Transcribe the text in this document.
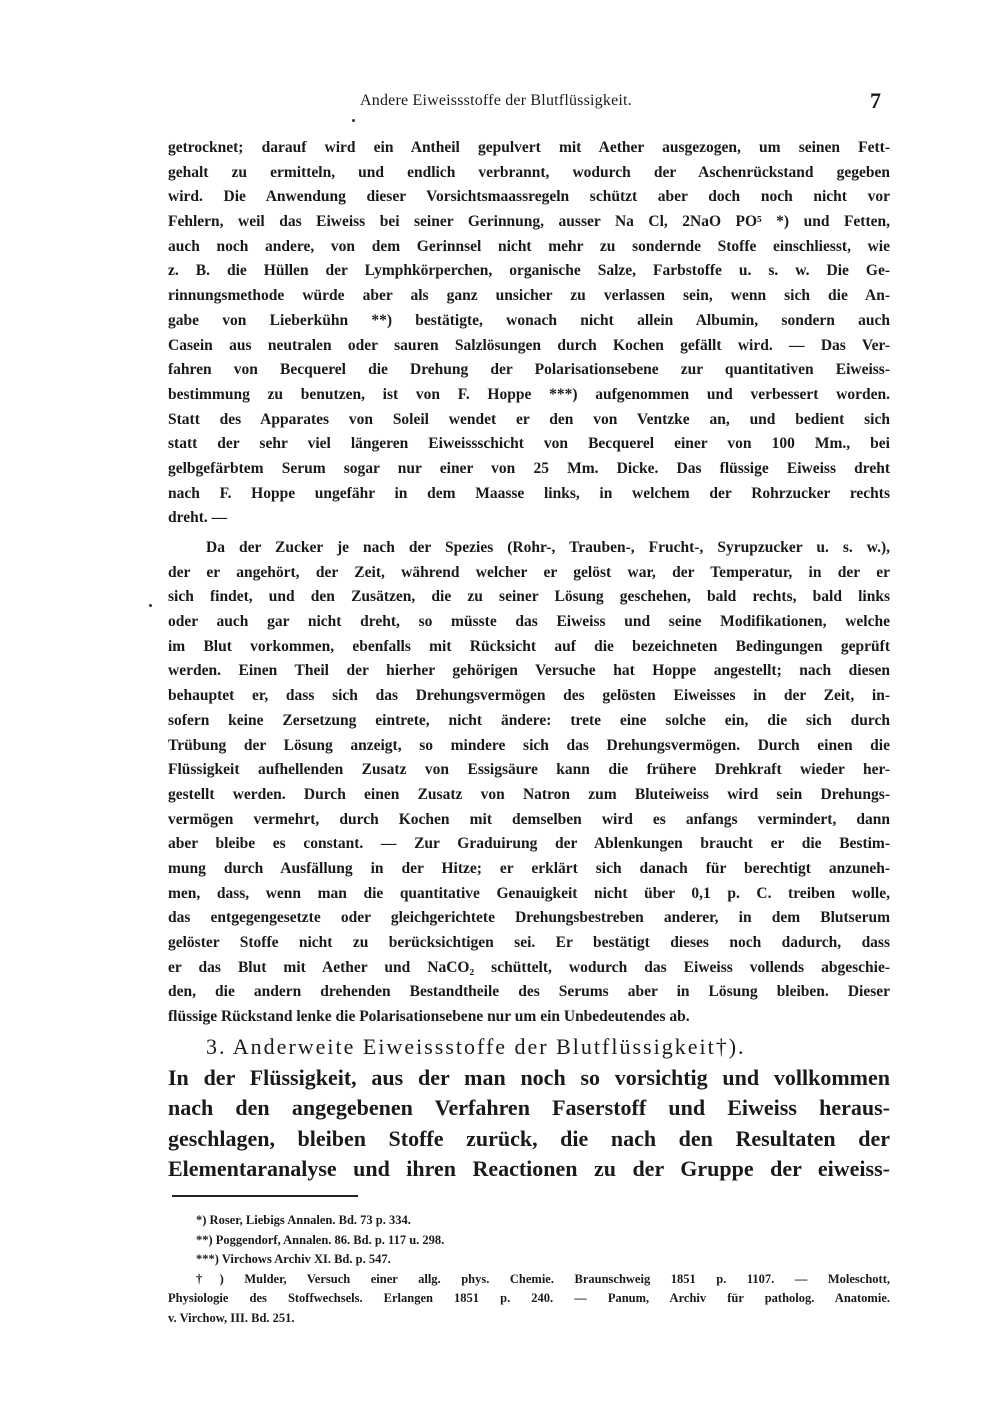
Andere Eiweissstoffe der Blutflüssigkeit.	7
getrocknet; darauf wird ein Antheil gepulvert mit Aether ausgezogen, um seinen Fett-
gehalt zu ermitteln, und endlich verbrannt, wodurch der Aschenrückstand gegeben
wird. Die Anwendung dieser Vorsichtsmaassregeln schützt aber doch noch nicht vor
Fehlern, weil das Eiweiss bei seiner Gerinnung, ausser Na Cl, 2NaO PO⁵ *) und Fetten,
auch noch andere, von dem Gerinnsel nicht mehr zu sondernde Stoffe einschliesst, wie
z. B. die Hüllen der Lymphkörperchen, organische Salze, Farbstoffe u. s. w. Die Ge-
rinnungsmethode würde aber als ganz unsicher zu verlassen sein, wenn sich die An-
gabe von Lieberkühn **) bestätigte, wonach nicht allein Albumin, sondern auch
Casein aus neutralen oder sauren Salzlösungen durch Kochen gefällt wird. — Das Ver-
fahren von Becquerel die Drehung der Polarisationsebene zur quantitativen Eiweiss-
bestimmung zu benutzen, ist von F. Hoppe ***) aufgenommen und verbessert worden.
Statt des Apparates von Soleil wendet er den von Ventzke an, und bedient sich
statt der sehr viel längeren Eiweissschicht von Becquerel einer von 100 Mm., bei
gelbgefärbtem Serum sogar nur einer von 25 Mm. Dicke. Das flüssige Eiweiss dreht
nach F. Hoppe ungefähr in dem Maasse links, in welchem der Rohrzucker rechts
dreht. —
Da der Zucker je nach der Spezies (Rohr-, Trauben-, Frucht-, Syrupzucker u. s. w.),
der er angehört, der Zeit, während welcher er gelöst war, der Temperatur, in der er
sich findet, und den Zusätzen, die zu seiner Lösung geschehen, bald rechts, bald links
oder auch gar nicht dreht, so müsste das Eiweiss und seine Modifikationen, welche
im Blut vorkommen, ebenfalls mit Rücksicht auf die bezeichneten Bedingungen geprüft
werden. Einen Theil der hierher gehörigen Versuche hat Hoppe angestellt; nach diesen
behauptet er, dass sich das Drehungsvermögen des gelösten Eiweisses in der Zeit, in-
sofern keine Zersetzung eintrete, nicht ändere: trete eine solche ein, die sich durch
Trübung der Lösung anzeigt, so mindere sich das Drehungsvermögen. Durch einen die
Flüssigkeit aufhellenden Zusatz von Essigsäure kann die frühere Drehkraft wieder her-
gestellt werden. Durch einen Zusatz von Natron zum Bluteiweiss wird sein Drehungs-
vermögen vermehrt, durch Kochen mit demselben wird es anfangs vermindert, dann
aber bleibe es constant. — Zur Graduirung der Ablenkungen braucht er die Bestim-
mung durch Ausfällung in der Hitze; er erklärt sich danach für berechtigt anzuneh-
men, dass, wenn man die quantitative Genauigkeit nicht über 0,1 p. C. treiben wolle,
das entgegengesetzte oder gleichgerichtete Drehungsbestreben anderer, in dem Blutserum
gelöster Stoffe nicht zu berücksichtigen sei. Er bestätigt dieses noch dadurch, dass
er das Blut mit Aether und NaCO₂ schüttelt, wodurch das Eiweiss vollends abgeschie-
den, die andern drehenden Bestandtheile des Serums aber in Lösung bleiben. Dieser
flüssige Rückstand lenke die Polarisationsebene nur um ein Unbedeutendes ab.
3. Anderweite Eiweissstoffe der Blutflüssigkeit†).
In der Flüssigkeit, aus der man noch so vorsichtig und vollkommen
nach den angegebenen Verfahren Faserstoff und Eiweiss heraus-
geschlagen, bleiben Stoffe zurück, die nach den Resultaten der
Elementaranalyse und ihren Reactionen zu der Gruppe der eiweiss-
*) Roser, Liebigs Annalen. Bd. 73 p. 334.
**) Poggendorf, Annalen. 86. Bd. p. 117 u. 298.
***) Virchows Archiv XI. Bd. p. 547.
†) Mulder, Versuch einer allg. phys. Chemie. Braunschweig 1851 p. 1107. — Moleschott,
Physiologie des Stoffwechsels. Erlangen 1851 p. 240. — Panum, Archiv für patholog. Anatomie.
v. Virchow, III. Bd. 251.
